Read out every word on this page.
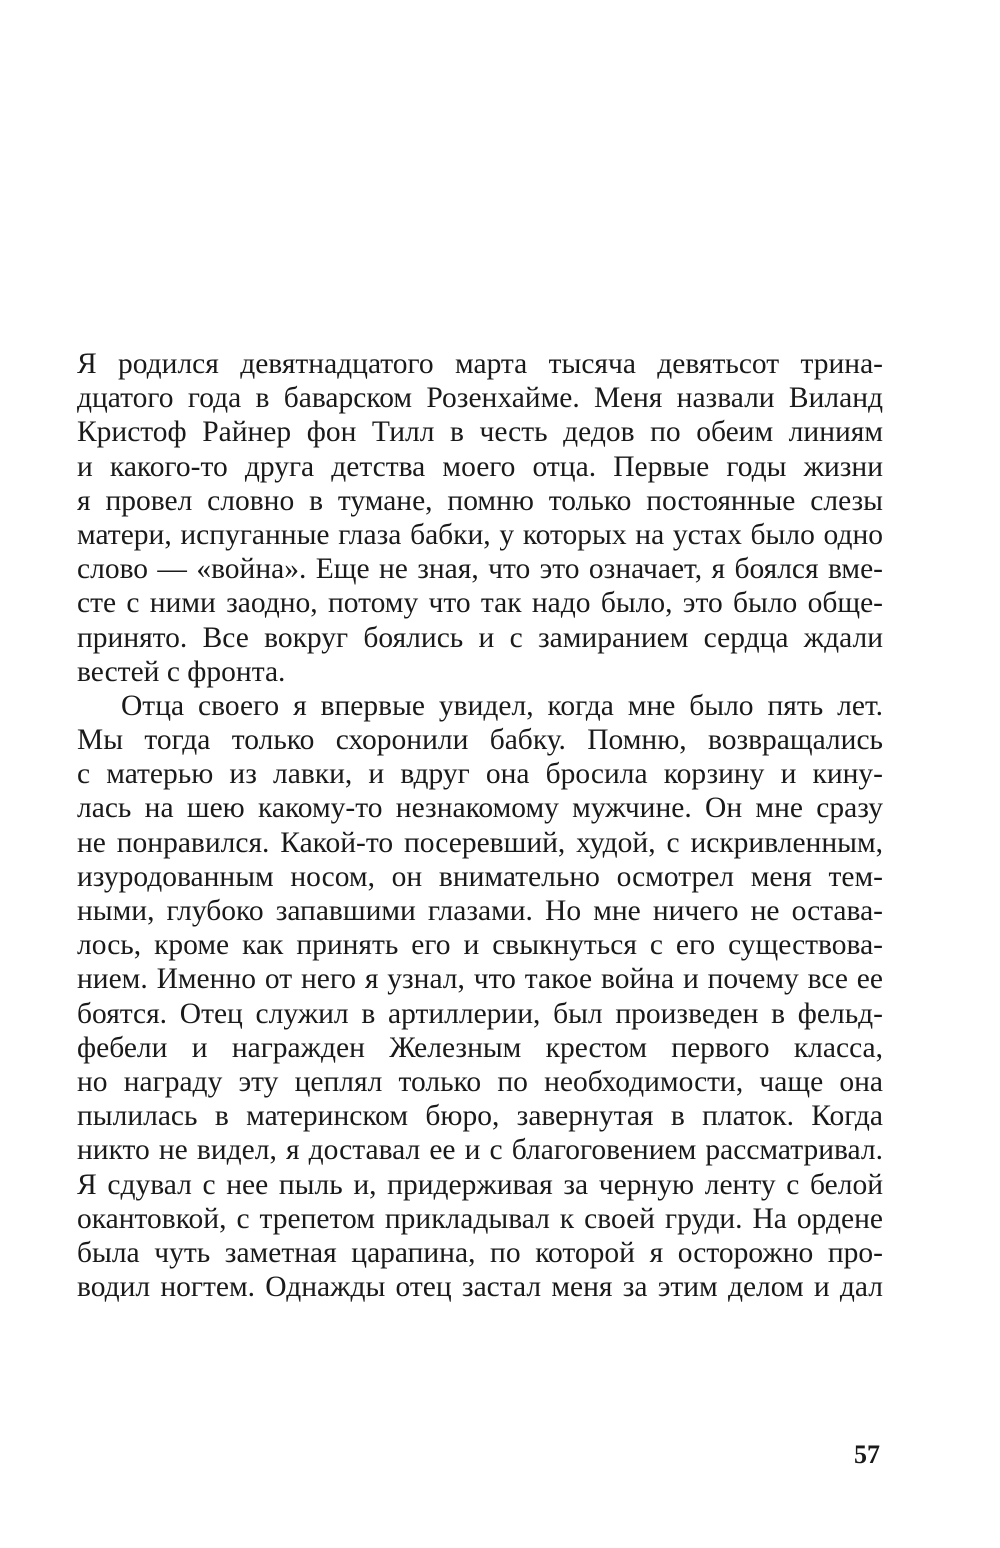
Я родился девятнадцатого марта тысяча девятьсот трина-
дцатого года в баварском Розенхайме. Меня назвали Виланд
Кристоф Райнер фон Тилл в честь дедов по обеим линиям
и какого-то друга детства моего отца. Первые годы жизни
я провел словно в тумане, помню только постоянные слезы
матери, испуганные глаза бабки, у которых на устах было одно
слово — «война». Еще не зная, что это означает, я боялся вме-
сте с ними заодно, потому что так надо было, это было обще-
принято. Все вокруг боялись и с замиранием сердца ждали
вестей с фронта.
Отца своего я впервые увидел, когда мне было пять лет.
Мы тогда только схоронили бабку. Помню, возвращались
с матерью из лавки, и вдруг она бросила корзину и кину-
лась на шею какому-то незнакомому мужчине. Он мне сразу
не понравился. Какой-то посеревший, худой, с искривленным,
изуродованным носом, он внимательно осмотрел меня тем-
ными, глубоко запавшими глазами. Но мне ничего не остава-
лось, кроме как принять его и свыкнуться с его существова-
нием. Именно от него я узнал, что такое война и почему все ее
боятся. Отец служил в артиллерии, был произведен в фельд-
фебели и награжден Железным крестом первого класса,
но награду эту цеплял только по необходимости, чаще она
пылилась в материнском бюро, завернутая в платок. Когда
никто не видел, я доставал ее и с благоговением рассматривал.
Я сдувал с нее пыль и, придерживая за черную ленту с белой
окантовкой, с трепетом прикладывал к своей груди. На ордене
была чуть заметная царапина, по которой я осторожно про-
водил ногтем. Однажды отец застал меня за этим делом и дал
57
